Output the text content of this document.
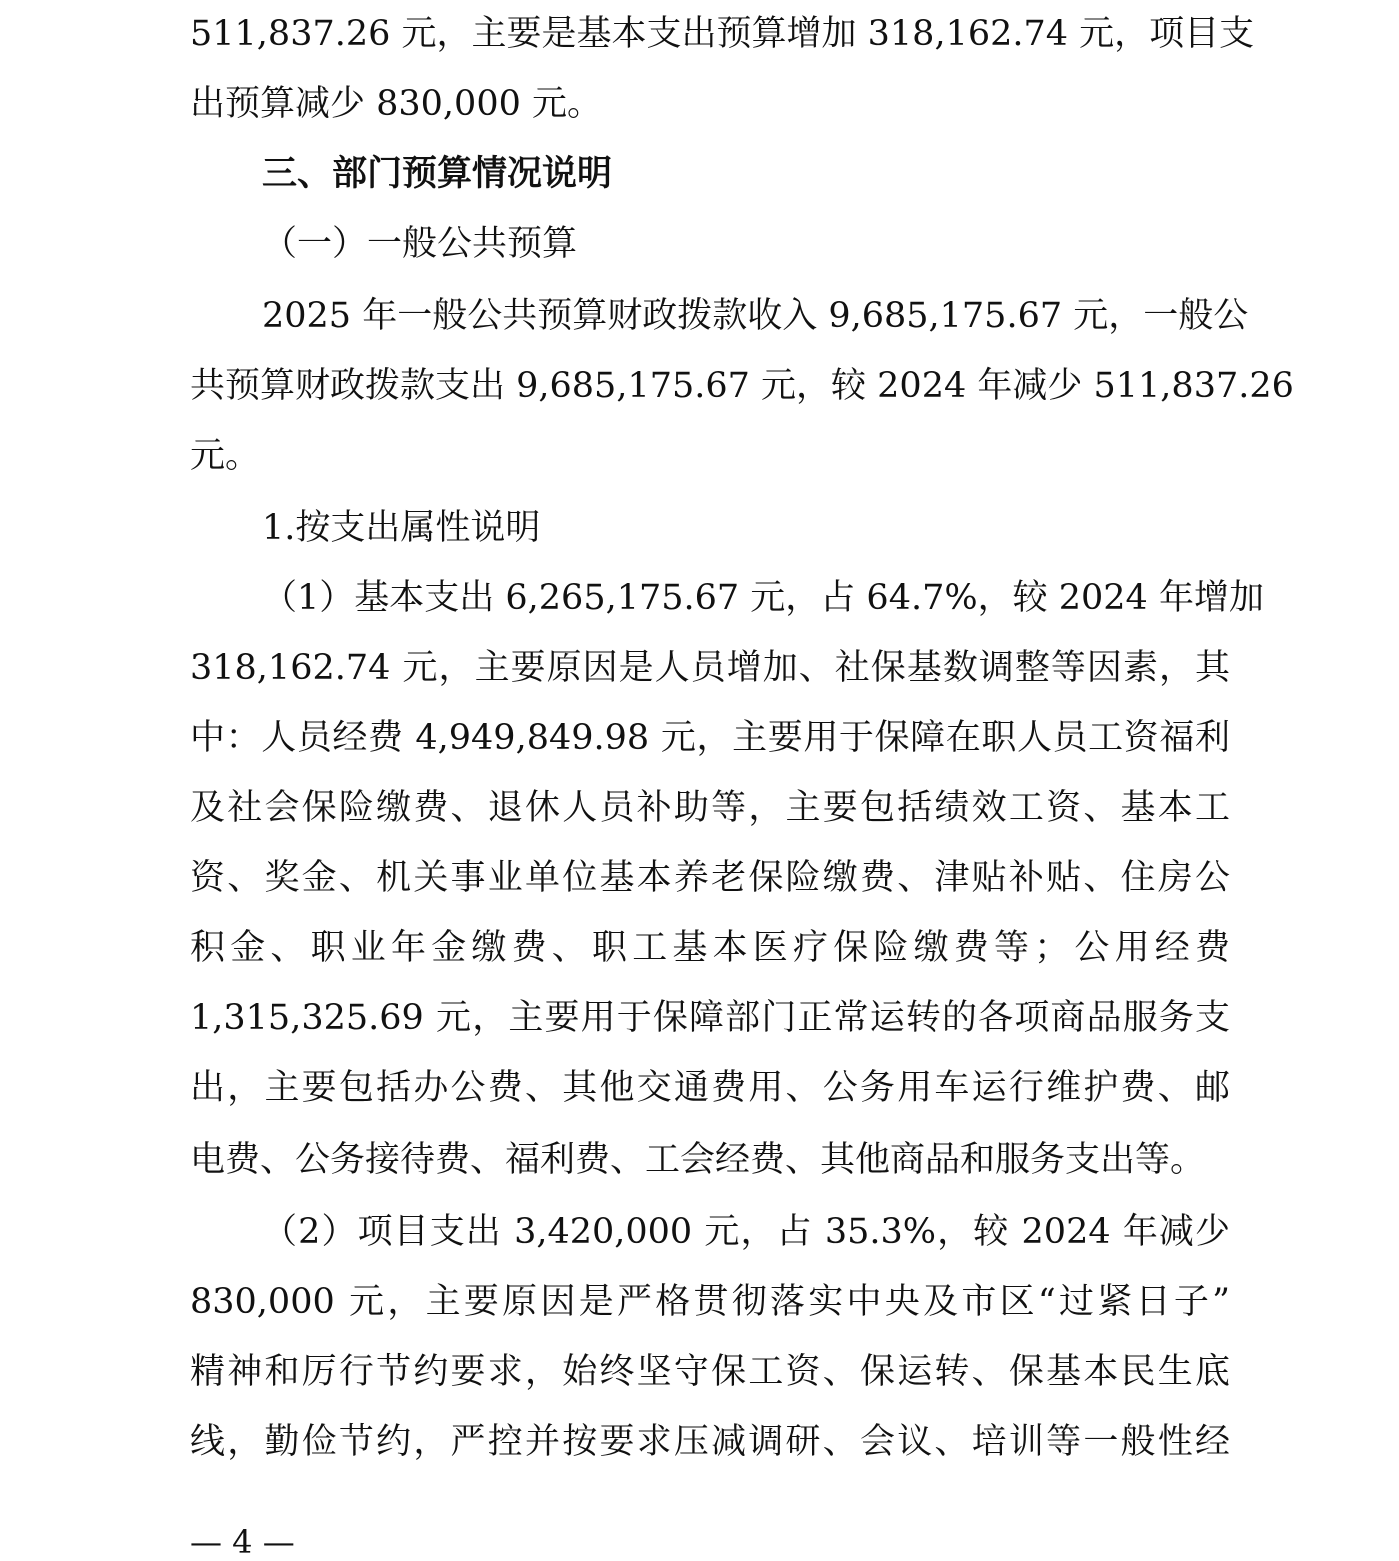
511,837.26 元，主要是基本支出预算增加 318,162.74 元，项目支
出预算减少 830,000 元。
三、部门预算情况说明
（一）一般公共预算
2025 年一般公共预算财政拨款收入 9,685,175.67 元，一般公
共预算财政拨款支出 9,685,175.67 元，较 2024 年减少 511,837.26
元。
1.按支出属性说明
（1）基本支出 6,265,175.67 元，占 64.7%，较 2024 年增加
318,162.74 元，主要原因是人员增加、社保基数调整等因素，其
中：人员经费 4,949,849.98 元，主要用于保障在职人员工资福利
及社会保险缴费、退休人员补助等，主要包括绩效工资、基本工
资、奖金、机关事业单位基本养老保险缴费、津贴补贴、住房公
积金、职业年金缴费、职工基本医疗保险缴费等；公用经费
1,315,325.69 元，主要用于保障部门正常运转的各项商品服务支
出，主要包括办公费、其他交通费用、公务用车运行维护费、邮
电费、公务接待费、福利费、工会经费、其他商品和服务支出等。
（2）项目支出 3,420,000 元，占 35.3%，较 2024 年减少
830,000 元，主要原因是严格贯彻落实中央及市区“过紧日子”
精神和厉行节约要求，始终坚守保工资、保运转、保基本民生底
线，勤俭节约，严控并按要求压减调研、会议、培训等一般性经
— 4 —
